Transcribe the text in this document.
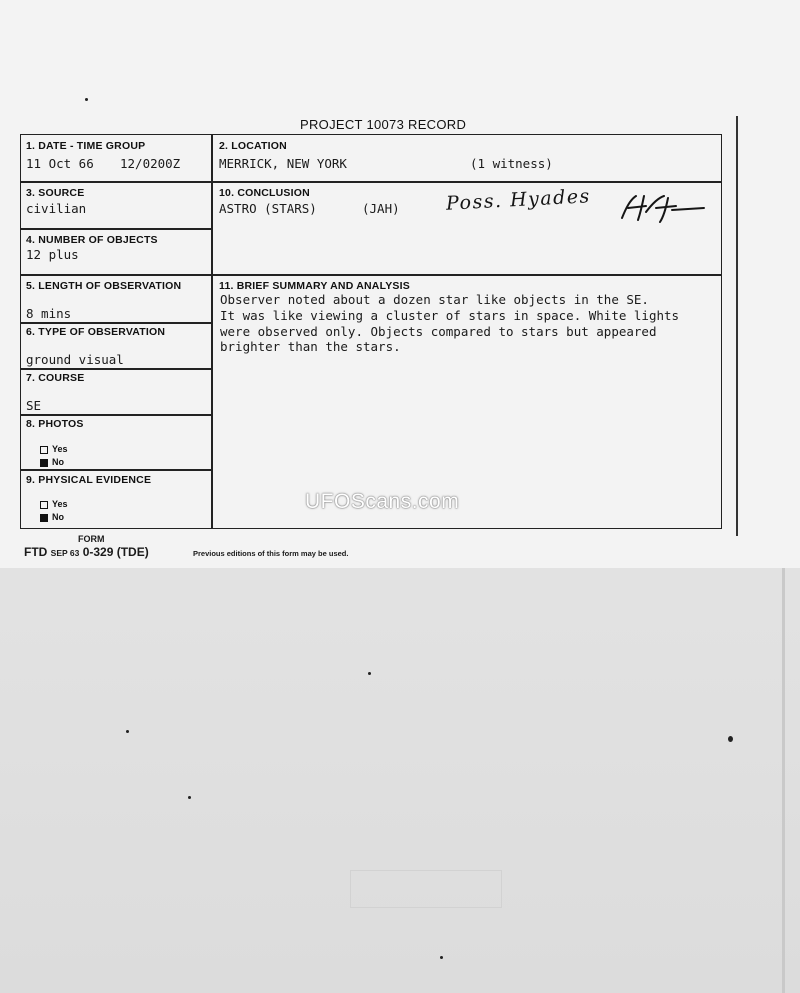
PROJECT 10073 RECORD
1. DATE - TIME GROUP
11 Oct 66 12/0200Z
2. LOCATION
MERRICK, NEW YORK	(1 witness)
3. SOURCE
civilian
10. CONCLUSION
ASTRO (STARS)	(JAH) Poss. Hyades
4. NUMBER OF OBJECTS
12 plus
5. LENGTH OF OBSERVATION
8 mins
11. BRIEF SUMMARY AND ANALYSIS
Observer noted about a dozen star like objects in the SE.
It was like viewing a cluster of stars in space. White lights
were observed only. Objects compared to stars but appeared
brighter than the stars.
6. TYPE OF OBSERVATION
ground visual
7. COURSE
SE
8. PHOTOS
Yes
No
9. PHYSICAL EVIDENCE
Yes
No
UFOScans.com
FORM
FTD SEP 63 0-329 (TDE)	Previous editions of this form may be used.
